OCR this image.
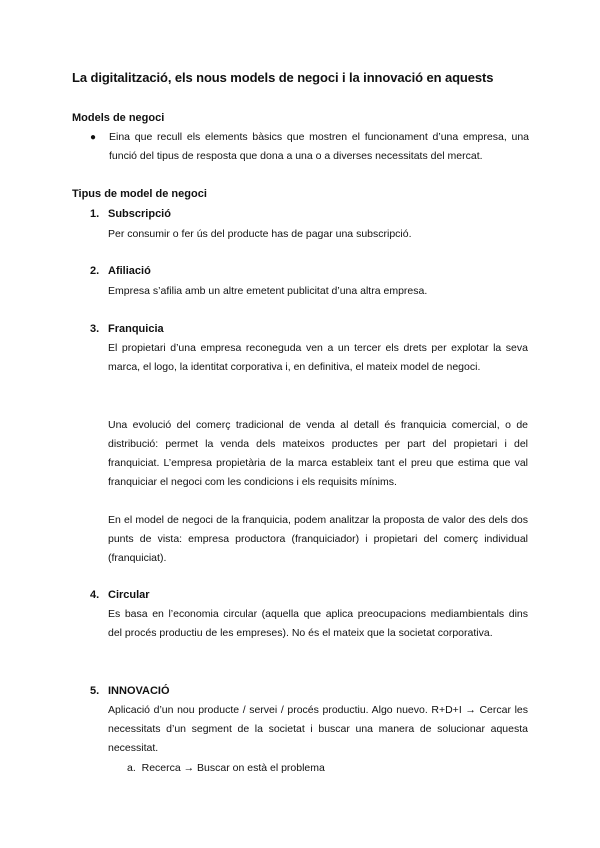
La digitalització, els nous models de negoci i la innovació en aquests
Models de negoci
● Eina que recull els elements bàsics que mostren el funcionament d’una empresa, una funció del tipus de resposta que dona a una o a diverses necessitats del mercat.
Tipus de model de negoci
1. Subscripció
Per consumir o fer ús del producte has de pagar una subscripció.
2. Afiliació
Empresa s’afilia amb un altre emetent publicitat d’una altra empresa.
3. Franquicia
El propietari d’una empresa reconeguda ven a un tercer els drets per explotar la seva marca, el logo, la identitat corporativa i, en definitiva, el mateix model de negoci.
Una evolució del comerç tradicional de venda al detall és franquicia comercial, o de distribució: permet la venda dels mateixos productes per part del propietari i del franquiciat. L’empresa propietària de la marca estableix tant el preu que estima que val franquiciar el negoci com les condicions i els requisits mínims.
En el model de negoci de la franquicia, podem analitzar la proposta de valor des dels dos punts de vista: empresa productora (franquiciador) i propietari del comerç individual (franquiciat).
4. Circular
Es basa en l’economia circular (aquella que aplica preocupacions mediambientals dins del procés productiu de les empreses). No és el mateix que la societat corporativa.
5. INNOVACIÓ
Aplicació d’un nou producte / servei / procés productiu. Algo nuevo. R+D+I → Cercar les necessitats d’un segment de la societat i buscar una manera de solucionar aquesta necessitat.
a. Recerca → Buscar on està el problema
